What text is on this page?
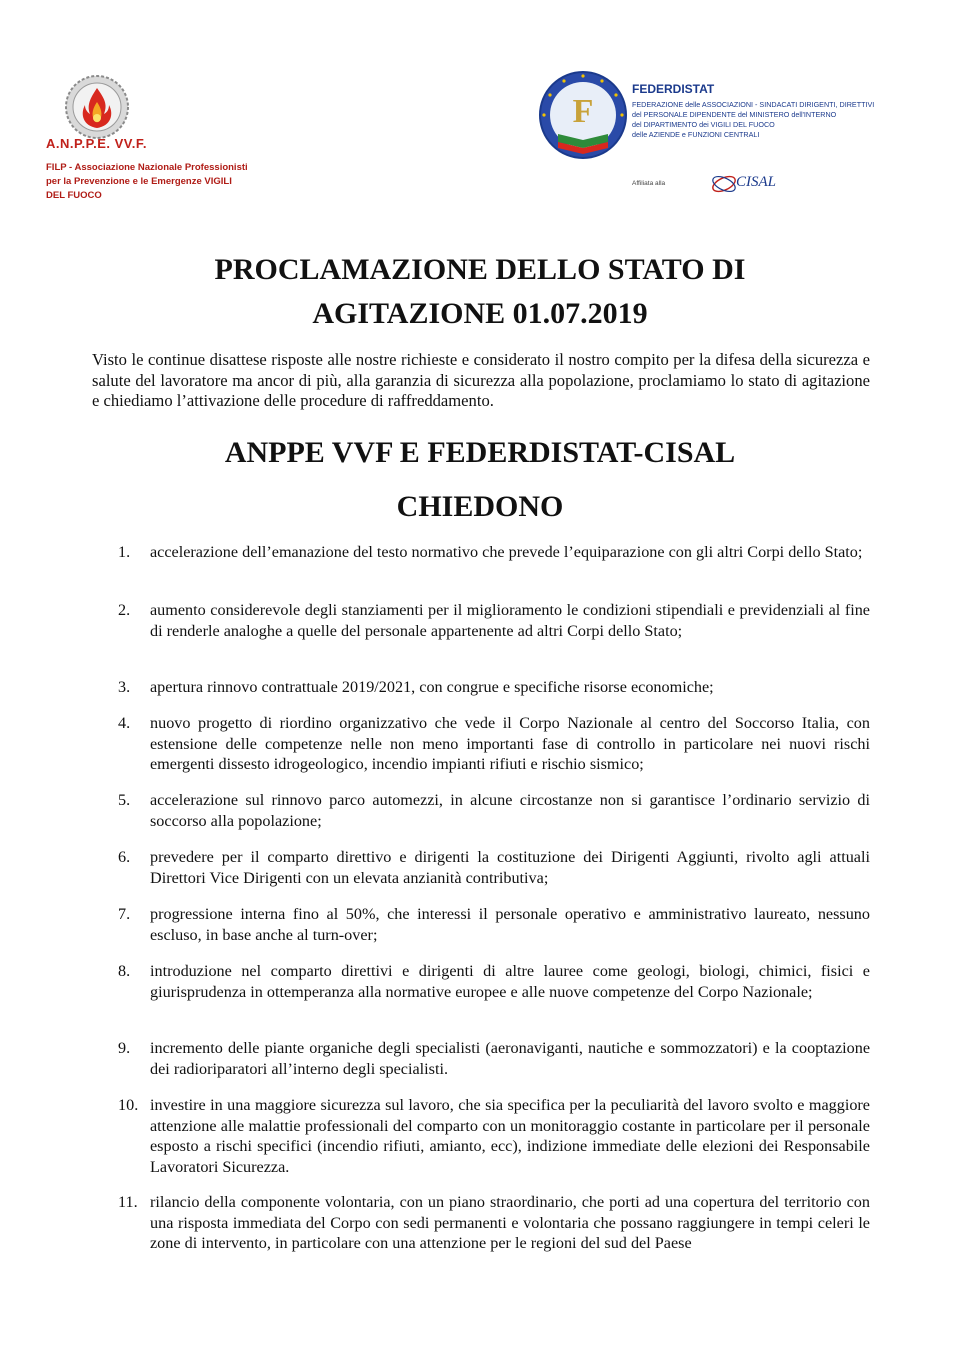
A.N.P.P.E. VV.F.
FILP - Associazione Nazionale Professionisti
per la Prevenzione e le Emergenze VIGILI
DEL FUOCO
F
FEDERDISTAT
FEDERAZIONE delle ASSOCIAZIONI - SINDACATI DIRIGENTI, DIRETTIVI
del PERSONALE DIPENDENTE del MINISTERO dell'INTERNO
del DIPARTIMENTO dei VIGILI DEL FUOCO
delle AZIENDE e FUNZIONI CENTRALI
Affiliata alla	CISAL
PROCLAMAZIONE DELLO STATO DI
AGITAZIONE 01.07.2019
Visto le continue disattese risposte alle nostre richieste e considerato il nostro compito per la difesa della sicurezza e salute del lavoratore ma ancor di più, alla garanzia di sicurezza alla popolazione, proclamiamo lo stato di agitazione e chiediamo l’attivazione delle procedure di raffreddamento.
ANPPE VVF E FEDERDISTAT-CISAL
CHIEDONO
1.	accelerazione dell’emanazione del testo normativo che prevede l’equiparazione con gli altri Corpi dello Stato;
2.	aumento considerevole degli stanziamenti per il miglioramento le condizioni stipendiali e previdenziali al fine di renderle analoghe a quelle del personale appartenente ad altri Corpi dello Stato;
3.	apertura rinnovo contrattuale 2019/2021, con congrue e specifiche risorse economiche;
4.	nuovo progetto di riordino organizzativo che vede il Corpo Nazionale al centro del Soccorso Italia, con estensione delle competenze nelle non meno importanti fase di controllo in particolare nei nuovi rischi emergenti dissesto idrogeologico, incendio impianti rifiuti e rischio sismico;
5.	accelerazione sul rinnovo parco automezzi, in alcune circostanze non si garantisce l’ordinario servizio di soccorso alla popolazione;
6.	prevedere per il comparto direttivo e dirigenti la costituzione dei Dirigenti Aggiunti, rivolto agli attuali Direttori Vice Dirigenti con un elevata anzianità contributiva;
7.	progressione interna fino al 50%, che interessi il personale operativo e amministrativo laureato, nessuno escluso, in base anche al turn-over;
8.	introduzione nel comparto direttivi e dirigenti di altre lauree come geologi, biologi, chimici, fisici e giurisprudenza in ottemperanza alla normative europee e alle nuove competenze del Corpo Nazionale;
9.	incremento delle piante organiche degli specialisti (aeronaviganti, nautiche e sommozzatori) e la cooptazione dei radioriparatori all’interno degli specialisti.
10. investire in una maggiore sicurezza sul lavoro, che sia specifica per la peculiarità del lavoro svolto e maggiore attenzione alle malattie professionali del comparto con un monitoraggio costante in particolare per il personale esposto a rischi specifici (incendio rifiuti, amianto, ecc), indizione immediate delle elezioni dei Responsabile Lavoratori Sicurezza.
11. rilancio della componente volontaria, con un piano straordinario, che porti ad una copertura del territorio con una risposta immediata del Corpo con sedi permanenti e volontaria che possano raggiungere in tempi celeri le zone di intervento, in particolare con una attenzione per le regioni del sud del Paese
